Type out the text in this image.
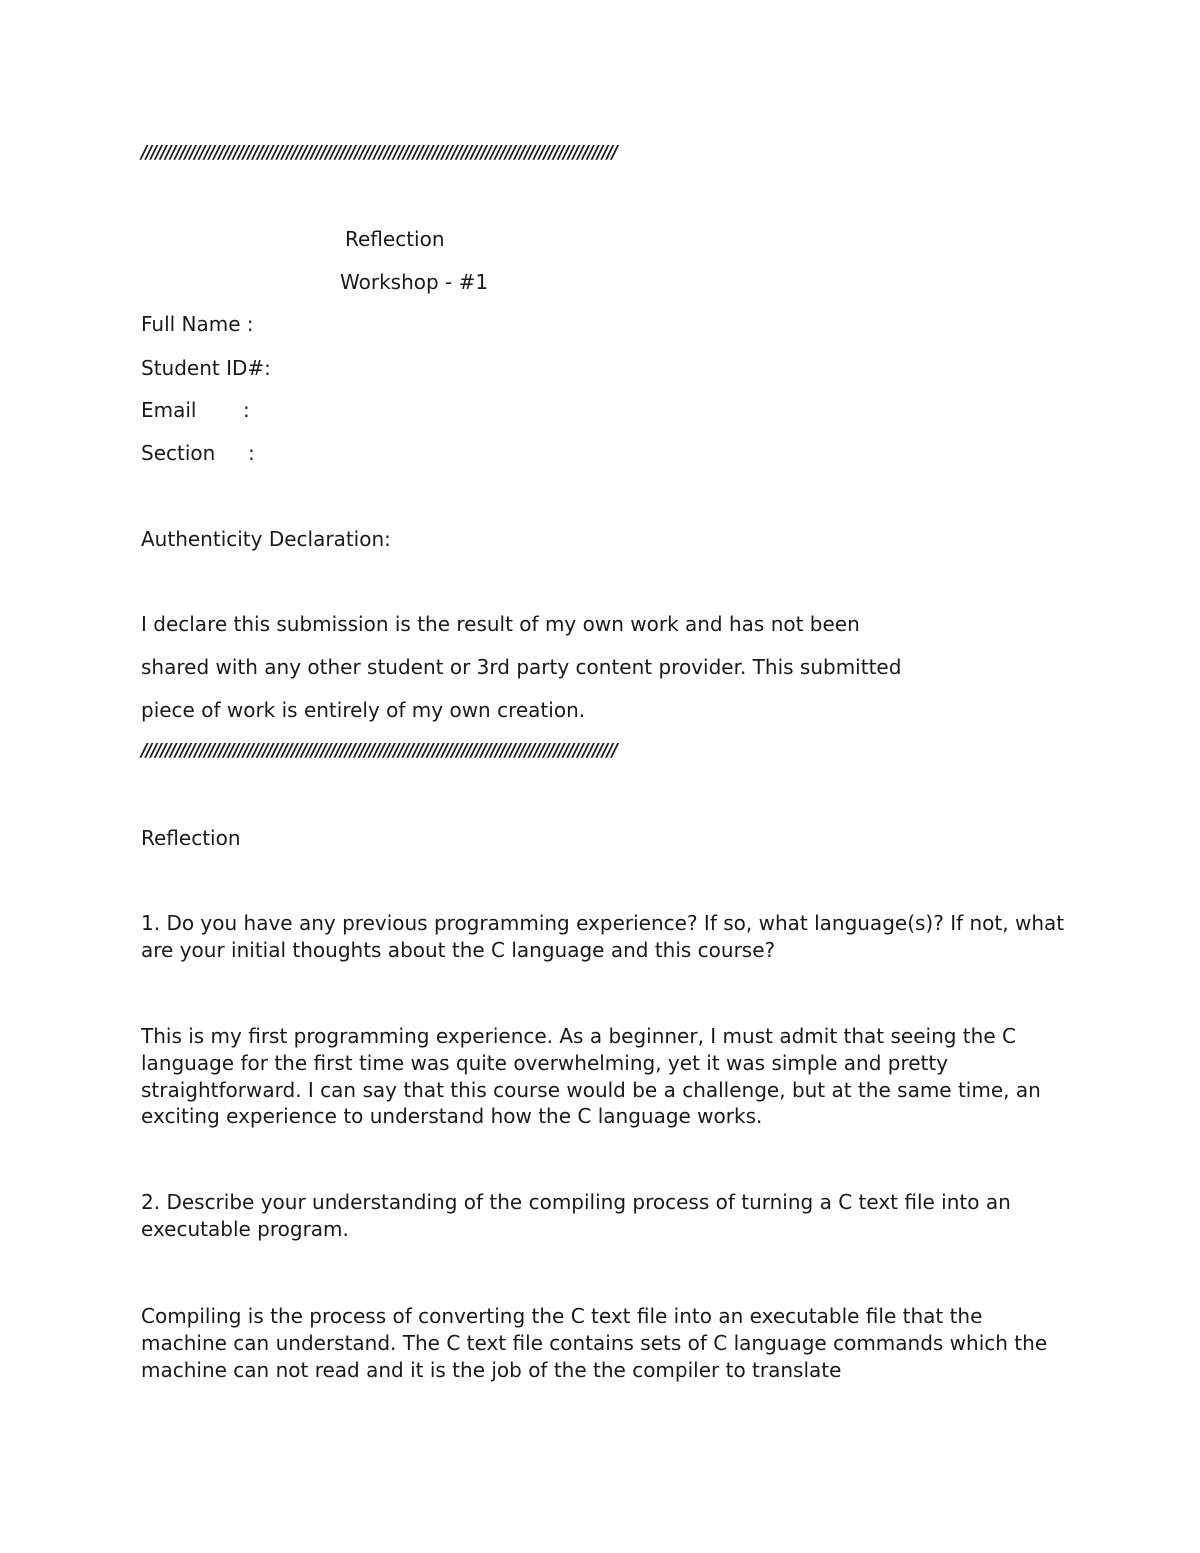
//////////////////////////////////////////////////////////////////////////////////////////////////
Reflection
Workshop - #1
Full Name :
Student ID#:
Email :
Section :
Authenticity Declaration:
I declare this submission is the result of my own work and has not been
shared with any other student or 3rd party content provider. This submitted
piece of work is entirely of my own creation.
//////////////////////////////////////////////////////////////////////////////////////////////////
Reflection
1. Do you have any previous programming experience? If so, what language(s)? If not, what are your initial thoughts about the C language and this course?
This is my first programming experience. As a beginner, I must admit that seeing the C language for the first time was quite overwhelming, yet it was simple and pretty straightforward. I can say that this course would be a challenge, but at the same time, an exciting experience to understand how the C language works.
2. Describe your understanding of the compiling process of turning a C text file into an executable program.
Compiling is the process of converting the C text file into an executable file that the machine can understand. The C text file contains sets of C language commands which the machine can not read and it is the job of the the compiler to translate
